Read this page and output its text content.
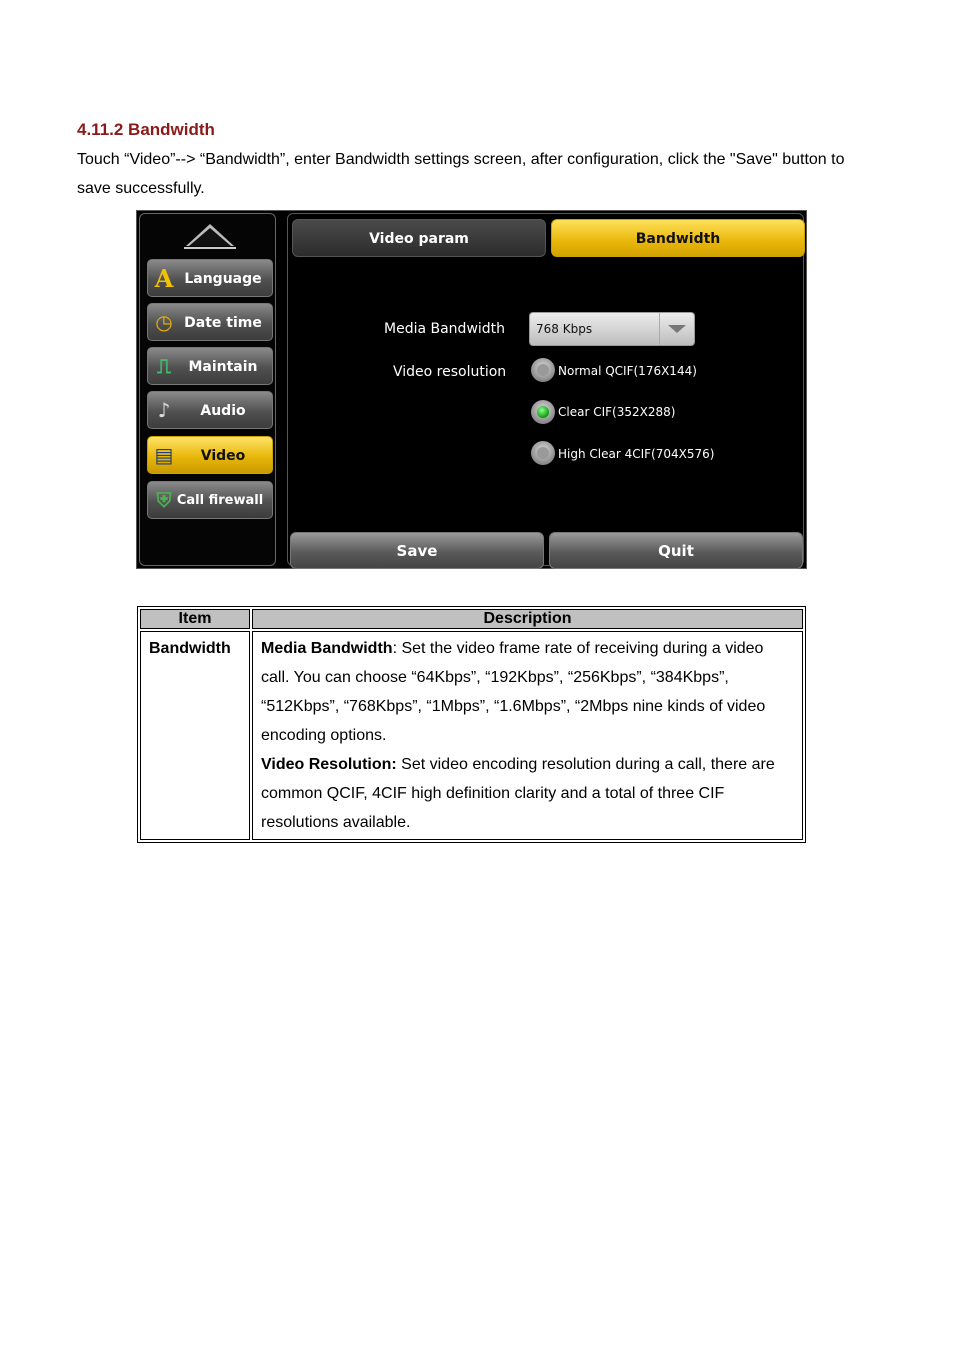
4.11.2 Bandwidth
Touch “Video”--> “Bandwidth”, enter Bandwidth settings screen, after configuration, click the "Save" button to save successfully.
A Language
◷ Date time
⎍	Maintain
♪	Audio
▤	Video
⛨ Call firewall
Video param	Bandwidth
Media Bandwidth	768 Kbps
Video resolution	Normal QCIF(176X144)
Clear CIF(352X288)
High Clear 4CIF(704X576)
Save	Quit
Item	Description
Bandwidth	Media Bandwidth: Set the video frame rate of receiving during a video call. You can choose “64Kbps”, “192Kbps”, “256Kbps”, “384Kbps”, “512Kbps”, “768Kbps”, “1Mbps”, “1.6Mbps”, “2Mbps nine kinds of video encoding options.
Video Resolution: Set video encoding resolution during a call, there are common QCIF, 4CIF high definition clarity and a total of three CIF resolutions available.
